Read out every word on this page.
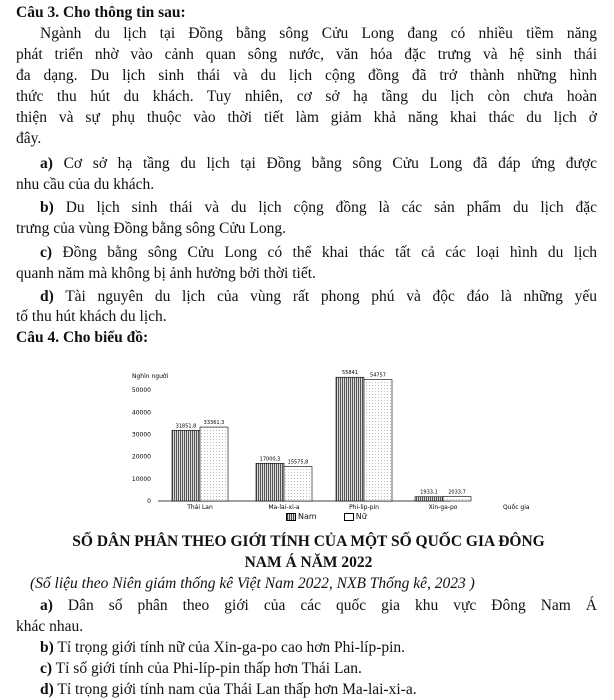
Câu 3. Cho thông tin sau:
Ngành du lịch tại Đồng bằng sông Cửu Long đang có nhiều tiềm năng
phát triển nhờ vào cảnh quan sông nước, văn hóa đặc trưng và hệ sinh thái
đa dạng. Du lịch sinh thái và du lịch cộng đồng đã trở thành những hình
thức thu hút du khách. Tuy nhiên, cơ sở hạ tầng du lịch còn chưa hoàn
thiện và sự phụ thuộc vào thời tiết làm giảm khả năng khai thác du lịch ở
đây.
a) Cơ sở hạ tầng du lịch tại Đồng bằng sông Cửu Long đã đáp ứng được
nhu cầu của du khách.
b) Du lịch sinh thái và du lịch cộng đồng là các sản phẩm du lịch đặc
trưng của vùng Đồng bằng sông Cửu Long.
c) Đồng bằng sông Cửu Long có thể khai thác tất cả các loại hình du lịch
quanh năm mà không bị ảnh hưởng bởi thời tiết.
d) Tài nguyên du lịch của vùng rất phong phú và độc đáo là những yếu
tố thu hút khách du lịch.
Câu 4. Cho biểu đồ:
Nghìn người
0
10000
20000
30000
40000
50000
31851,8
33361,3
Thái Lan
17000,3
15575,8
Ma-lai-xi-a
55841 54757
Phi-lip-pin
1933,1 2033,7
Xin-ga-po	Quốc gia
Nam	Nữ
SỐ DÂN PHÂN THEO GIỚI TÍNH CỦA MỘT SỐ QUỐC GIA ĐÔNG
NAM Á NĂM 2022
(Số liệu theo Niên giám thống kê Việt Nam 2022, NXB Thống kê, 2023 )
a) Dân số phân theo giới của các quốc gia khu vực Đông Nam Á
khác nhau.
b) Tỉ trọng giới tính nữ của Xin-ga-po cao hơn Phi-líp-pin.
c) Tỉ số giới tính của Phi-líp-pin thấp hơn Thái Lan.
d) Tỉ trọng giới tính nam của Thái Lan thấp hơn Ma-lai-xi-a.
